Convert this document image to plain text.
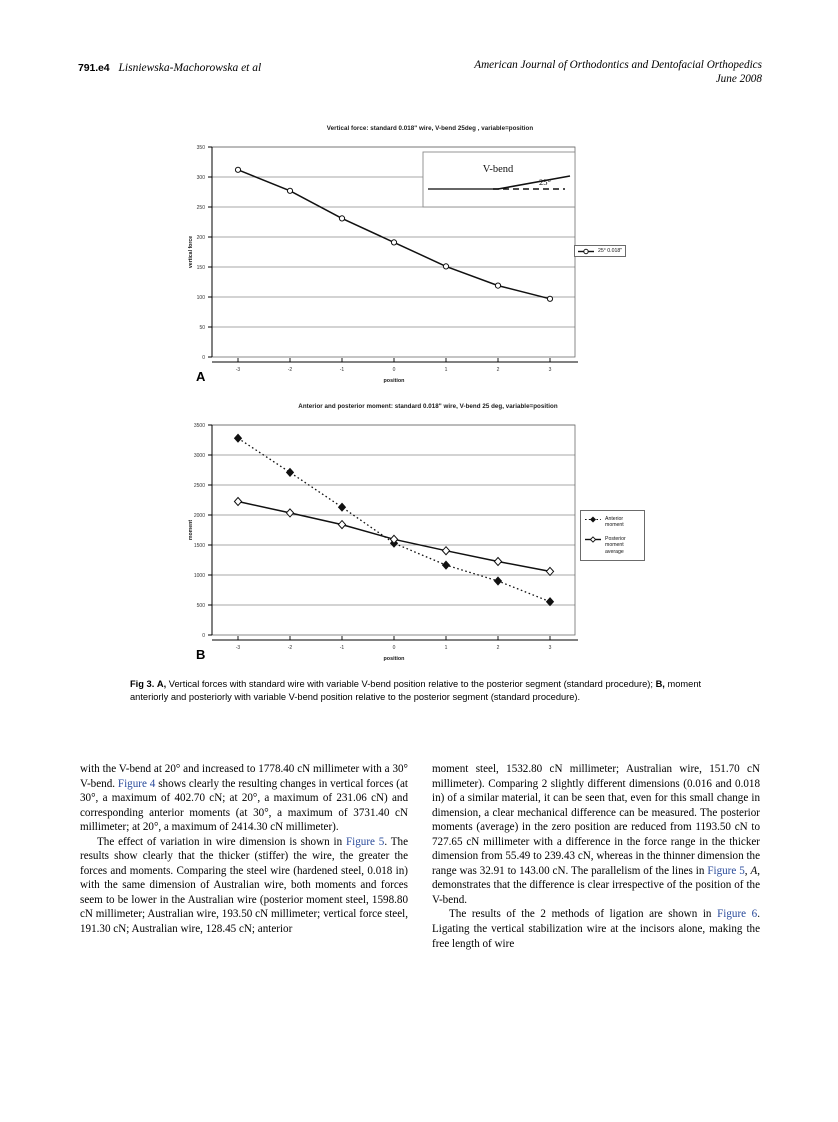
791.e4 Lisniewska-Machorowska et al	American Journal of Orthodontics and Dentofacial Orthopedics
June 2008
Vertical force: standard 0.018" wire, V-bend 25deg , variable=position
A
350
300
250
200
150
100
50
0
-3	-2	-1	0	1	2	3
position
vertical force
V-bend
25°
25° 0.018"
Anterior and posterior moment: standard 0.018" wire, V-bend 25 deg, variable=position
B
3500
3000
2500
2000
1500
1000
500
0
-3	-2	-1	0	1	2	3
position
moment
Anterior moment
Posterior moment average
Fig 3. A, Vertical forces with standard wire with variable V-bend position relative to the posterior segment (standard procedure); B, moment anteriorly and posteriorly with variable V-bend position relative to the posterior segment (standard procedure).

with the V-bend at 20° and increased to 1778.40 cN millimeter with a 30° V-bend. Figure 4 shows clearly the resulting changes in vertical forces (at 30°, a maximum of 402.70 cN; at 20°, a maximum of 231.06 cN) and corresponding anterior moments (at 30°, a maximum of 3731.40 cN millimeter; at 20°, a maximum of 2414.30 cN millimeter).

The effect of variation in wire dimension is shown in Figure 5. The results show clearly that the thicker (stiffer) the wire, the greater the forces and moments. Comparing the steel wire (hardened steel, 0.018 in) with the same dimension of Australian wire, both moments and forces seem to be lower in the Australian wire (posterior moment steel, 1598.80 cN millimeter; Australian wire, 193.50 cN millimeter; vertical force steel, 191.30 cN; Australian wire, 128.45 cN; anterior

moment steel, 1532.80 cN millimeter; Australian wire, 151.70 cN millimeter). Comparing 2 slightly different dimensions (0.016 and 0.018 in) of a similar material, it can be seen that, even for this small change in dimension, a clear mechanical difference can be measured. The posterior moments (average) in the zero position are reduced from 1193.50 cN to 727.65 cN millimeter with a difference in the force range in the thicker dimension from 55.49 to 239.43 cN, whereas in the thinner dimension the range was 32.91 to 143.00 cN. The parallelism of the lines in Figure 5, A, demonstrates that the difference is clear irrespective of the position of the V-bend.

The results of the 2 methods of ligation are shown in Figure 6. Ligating the vertical stabilization wire at the incisors alone, making the free length of wire
